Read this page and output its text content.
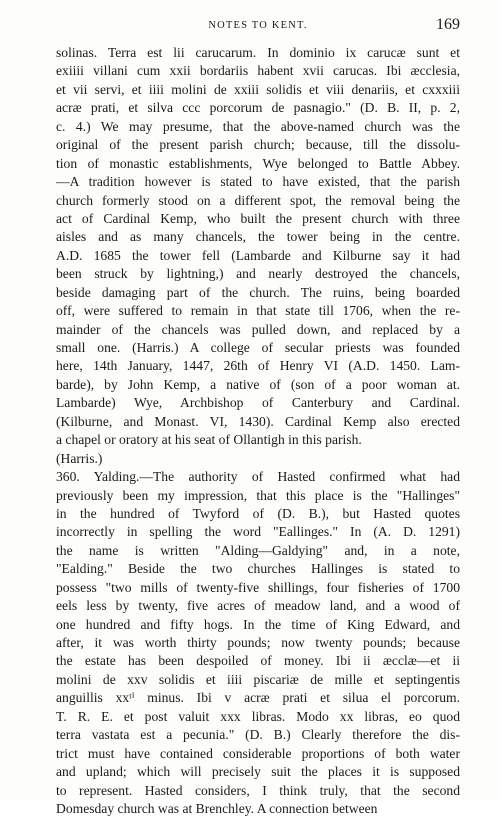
NOTES TO KENT.	169
solinas. Terra est lii carucarum. In dominio ix carucæ sunt et
exiiii villani cum xxii bordariis habent xvii carucas. Ibi æcclesia,
et vii servi, et iiii molini de xxiii solidis et viii denariis, et cxxxiii
acræ prati, et silva ccc porcorum de pasnagio." (D. B. II, p. 2,
c. 4.) We may presume, that the above-named church was the
original of the present parish church; because, till the dissolu-
tion of monastic establishments, Wye belonged to Battle Abbey.
—A tradition however is stated to have existed, that the parish
church formerly stood on a different spot, the removal being the
act of Cardinal Kemp, who built the present church with three
aisles and as many chancels, the tower being in the centre.
A.D. 1685 the tower fell (Lambarde and Kilburne say it had
been struck by lightning,) and nearly destroyed the chancels,
beside damaging part of the church. The ruins, being boarded
off, were suffered to remain in that state till 1706, when the re-
mainder of the chancels was pulled down, and replaced by a
small one. (Harris.) A college of secular priests was founded
here, 14th January, 1447, 26th of Henry VI (A.D. 1450. Lam-
barde), by John Kemp, a native of (son of a poor woman at.
Lambarde) Wye, Archbishop of Canterbury and Cardinal.
(Kilburne, and Monast. VI, 1430). Cardinal Kemp also erected
a chapel or oratory at his seat of Ollantigh in this parish.
(Harris.)
360. Yalding.—The authority of Hasted confirmed what had
previously been my impression, that this place is the "Hallinges"
in the hundred of Twyford of (D. B.), but Hasted quotes
incorrectly in spelling the word "Eallinges." In (A. D. 1291)
the name is written "Alding—Galdying" and, in a note,
"Ealding." Beside the two churches Hallinges is stated to
possess "two mills of twenty-five shillings, four fisheries of 1700
eels less by twenty, five acres of meadow land, and a wood of
one hundred and fifty hogs. In the time of King Edward, and
after, it was worth thirty pounds; now twenty pounds; because
the estate has been despoiled of money. Ibi ii æcclæ—et ii
molini de xxv solidis et iiii piscariæ de mille et septingentis
anguillis xxᵗⁱ minus. Ibi v acræ prati et silua el porcorum.
T. R. E. et post valuit xxx libras. Modo xx libras, eo quod
terra vastata est a pecunia." (D. B.) Clearly therefore the dis-
trict must have contained considerable proportions of both water
and upland; which will precisely suit the places it is supposed
to represent. Hasted considers, I think truly, that the second
Domesday church was at Brenchley. A connection between
